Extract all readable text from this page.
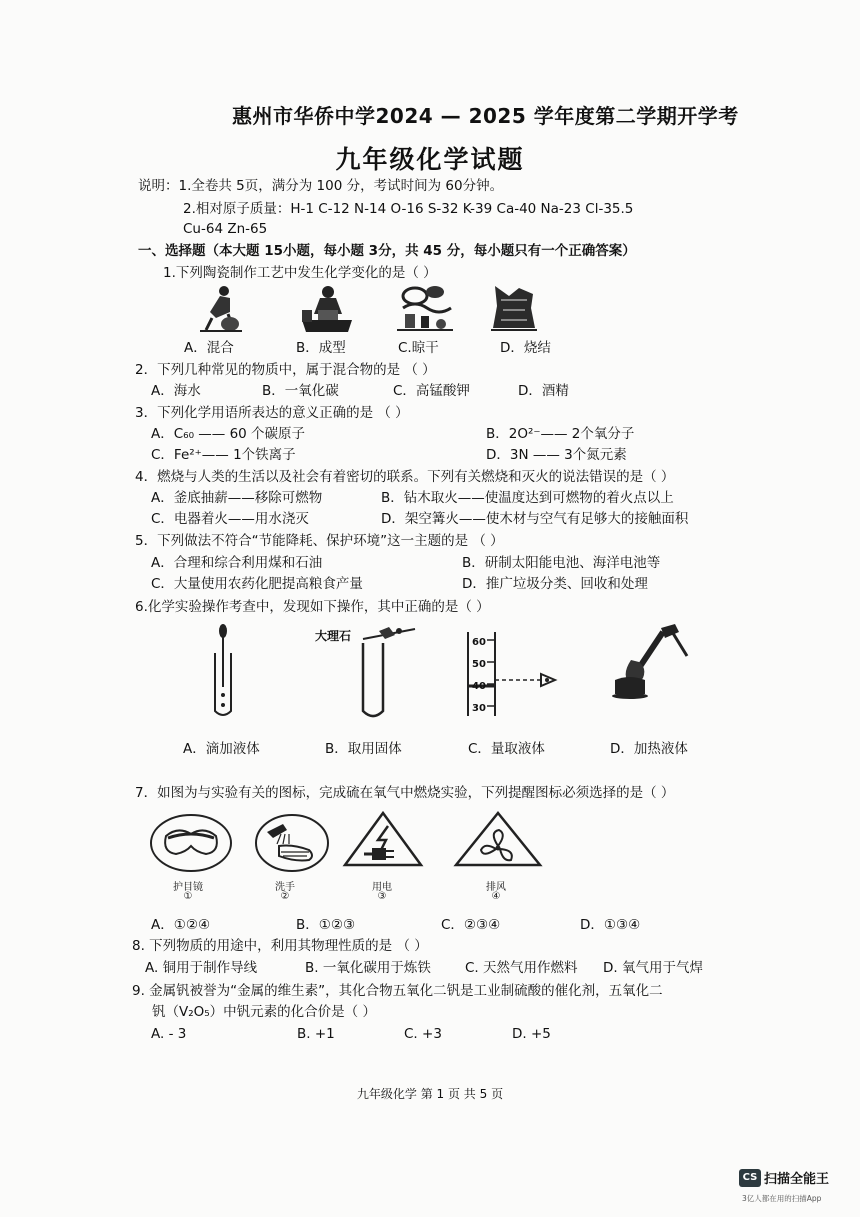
惠州市华侨中学2024 — 2025 学年度第二学期开学考
九年级化学试题
说明：1.全卷共 5页，满分为 100 分，考试时间为 60分钟。
2.相对原子质量：H-1 C-12 N-14 O-16 S-32 K-39 Ca-40 Na-23 Cl-35.5
Cu-64 Zn-65
一、选择题（本大题 15小题，每小题 3分，共 45 分，每小题只有一个正确答案）
1.下列陶瓷制作工艺中发生化学变化的是（ ）
A．混合	B．成型	C.晾干	D．烧结
2．下列几种常见的物质中，属于混合物的是 （ ）
A．海水	B．一氧化碳	C．高锰酸钾	D．酒精
3．下列化学用语所表达的意义正确的是 （ ）
A．C₆₀ —— 60 个碳原子	B．2O²⁻—— 2个氧分子
C．Fe²⁺—— 1个铁离子	D．3N —— 3个氮元素
4．燃烧与人类的生活以及社会有着密切的联系。下列有关燃烧和灭火的说法错误的是（ ）
A．釜底抽薪——移除可燃物	B．钻木取火——使温度达到可燃物的着火点以上
C．电器着火——用水浇灭	D．架空篝火——使木材与空气有足够大的接触面积
5．下列做法不符合“节能降耗、保护环境”这一主题的是 （ ）
A．合理和综合利用煤和石油	B．研制太阳能电池、海洋电池等
C．大量使用农药化肥提高粮食产量	D．推广垃圾分类、回收和处理
6.化学实验操作考查中，发现如下操作，其中正确的是（ ）
大理石	60
50
40
30
A．滴加液体	B．取用固体	C．量取液体	D．加热液体
7．如图为与实验有关的图标，完成硫在氧气中燃烧实验，下列提醒图标必须选择的是（ ）
护目镜
①
洗手
②
用电
③
排风
④
A．①②④	B．①②③	C．②③④	D．①③④
8. 下列物质的用途中，利用其物理性质的是 （ ）
A. 铜用于制作导线	B. 一氧化碳用于炼铁	C. 天然气用作燃料 D. 氧气用于气焊
9. 金属钒被誉为“金属的维生素”，其化合物五氧化二钒是工业制硫酸的催化剂，五氧化二
钒（V₂O₅）中钒元素的化合价是（ ）
A. - 3	B. +1	C. +3	D. +5
九年级化学 第 1 页 共 5 页
CS 扫描全能王
3亿人都在用的扫描App
